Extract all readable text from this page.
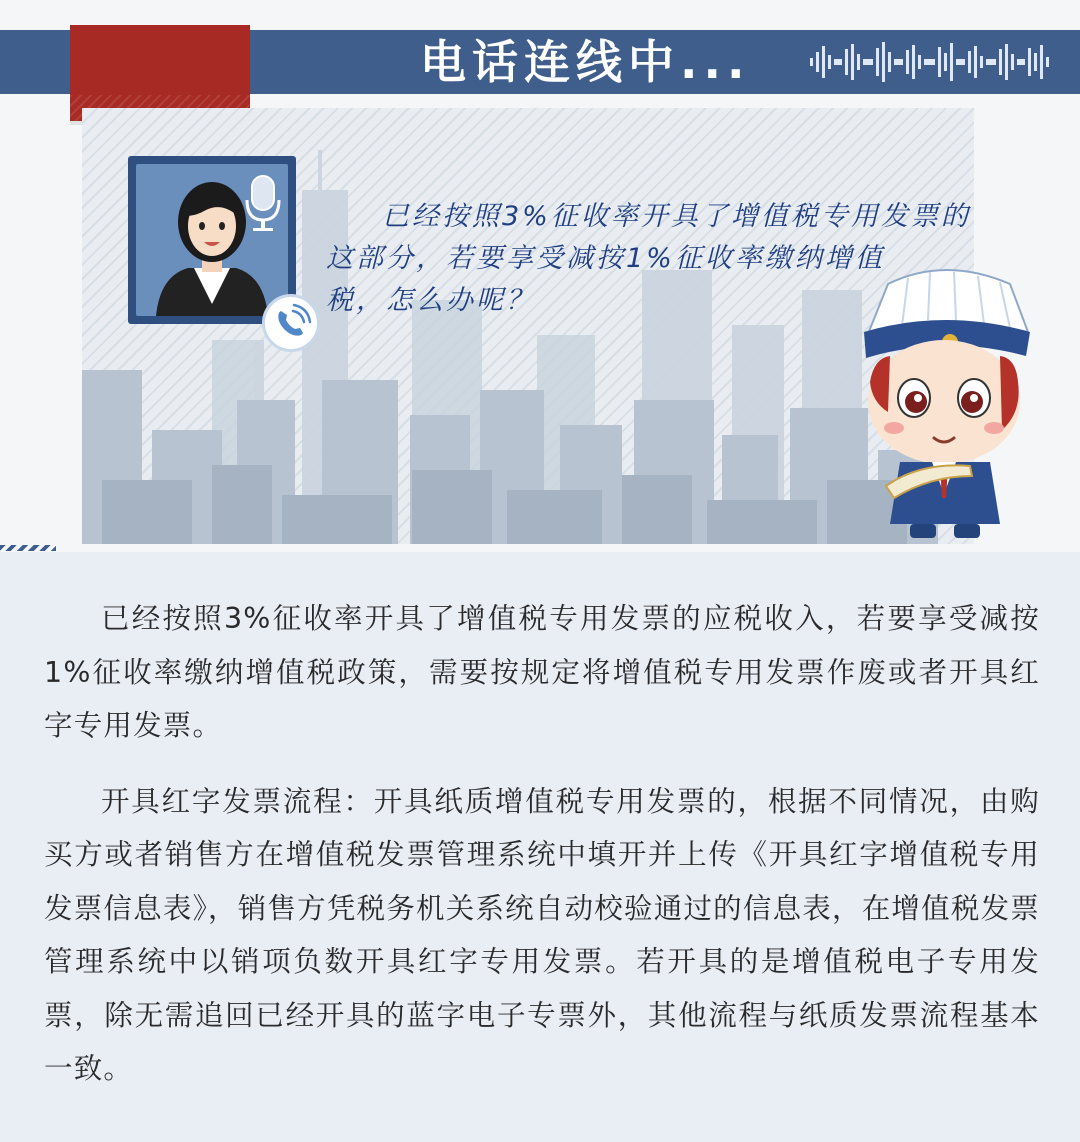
电话连线中...
已经按照3%征收率开具了增值税专用发票的
这部分，若要享受减按1%征收率缴纳增值
税，怎么办呢？

已经按照3%征收率开具了增值税专用发票的应税收入，若要享受减按1%征收率缴纳增值税政策，需要按规定将增值税专用发票作废或者开具红字专用发票。

开具红字发票流程：开具纸质增值税专用发票的，根据不同情况，由购买方或者销售方在增值税发票管理系统中填开并上传《开具红字增值税专用发票信息表》，销售方凭税务机关系统自动校验通过的信息表，在增值税发票管理系统中以销项负数开具红字专用发票。若开具的是增值税电子专用发票，除无需追回已经开具的蓝字电子专票外，其他流程与纸质发票流程基本一致。
